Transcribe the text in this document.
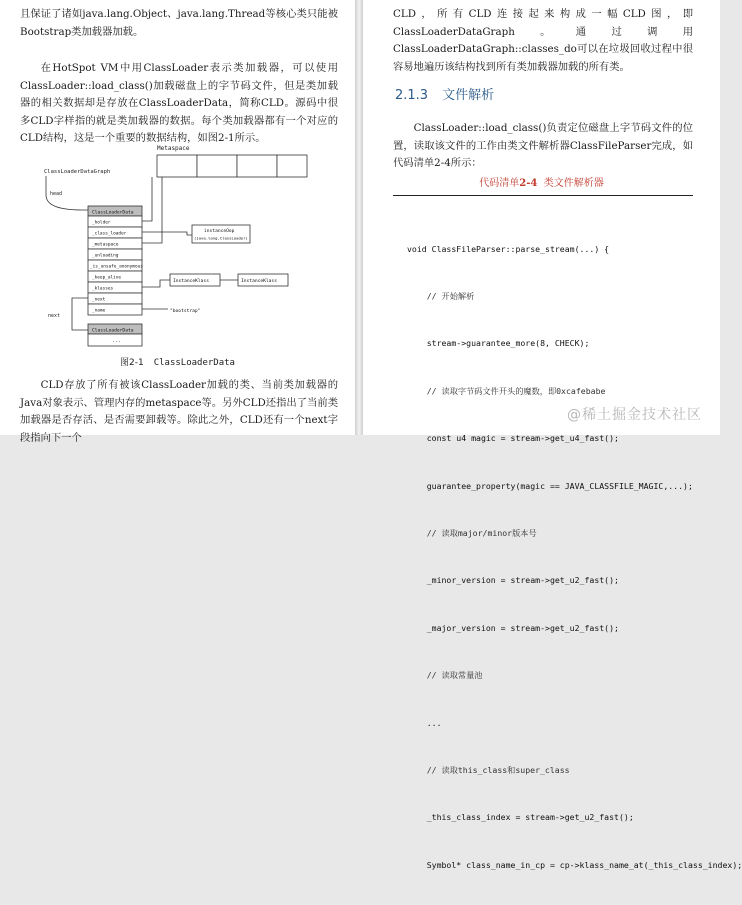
且保证了诸如java.lang.Object、java.lang.Thread等核心类只能被Bootstrap类加载器加载。

在HotSpot VM中用ClassLoader表示类加载器，可以使用ClassLoader::load_class()加载磁盘上的字节码文件，但是类加载器的相关数据却是存放在ClassLoaderData，简称CLD。源码中很多CLD字样指的就是类加载器的数据。每个类加载器都有一个对应的CLD结构，这是一个重要的数据结构，如图2-1所示。

Metaspace
ClassLoaderDataGraph
head
ClassLoaderData
_holder
_class_loader
_metaspace
_unloading
_is_unsafe_anonymous
_keep_alive
_klasses
_next
_name
instanceOop
(java.lang.ClassLoader)
InstanceKlass	InstanceKlass
"bootstrap"
next
ClassLoaderData
...
图2-1 ClassLoaderData

CLD存放了所有被该ClassLoader加载的类、当前类加载器的Java对象表示、管理内存的metaspace等。另外CLD还指出了当前类加载器是否存活、是否需要卸载等。除此之外，CLD还有一个next字段指向下一个

CLD，所有CLD连接起来构成一幅CLD图，即ClassLoaderDataGraph。通过调用ClassLoaderDataGraph::classes_do可以在垃圾回收过程中很容易地遍历该结构找到所有类加载器加载的所有类。

2.1.3 文件解析

ClassLoader::load_class()负责定位磁盘上字节码文件的位置，读取该文件的工作由类文件解析器ClassFileParser完成，如代码清单2-4所示：

代码清单2-4 类文件解析器

void ClassFileParser::parse_stream(...) {

// 开始解析

stream->guarantee_more(8, CHECK);

// 读取字节码文件开头的魔数，即0xcafebabe

const u4 magic = stream->get_u4_fast();

guarantee_property(magic == JAVA_CLASSFILE_MAGIC,...);

// 读取major/minor版本号

_minor_version = stream->get_u2_fast();

_major_version = stream->get_u2_fast();

// 读取常量池

...

// 读取this_class和super_class

_this_class_index = stream->get_u2_fast();

Symbol* class_name_in_cp = cp->klass_name_at(_this_class_index);

@稀土掘金技术社区
